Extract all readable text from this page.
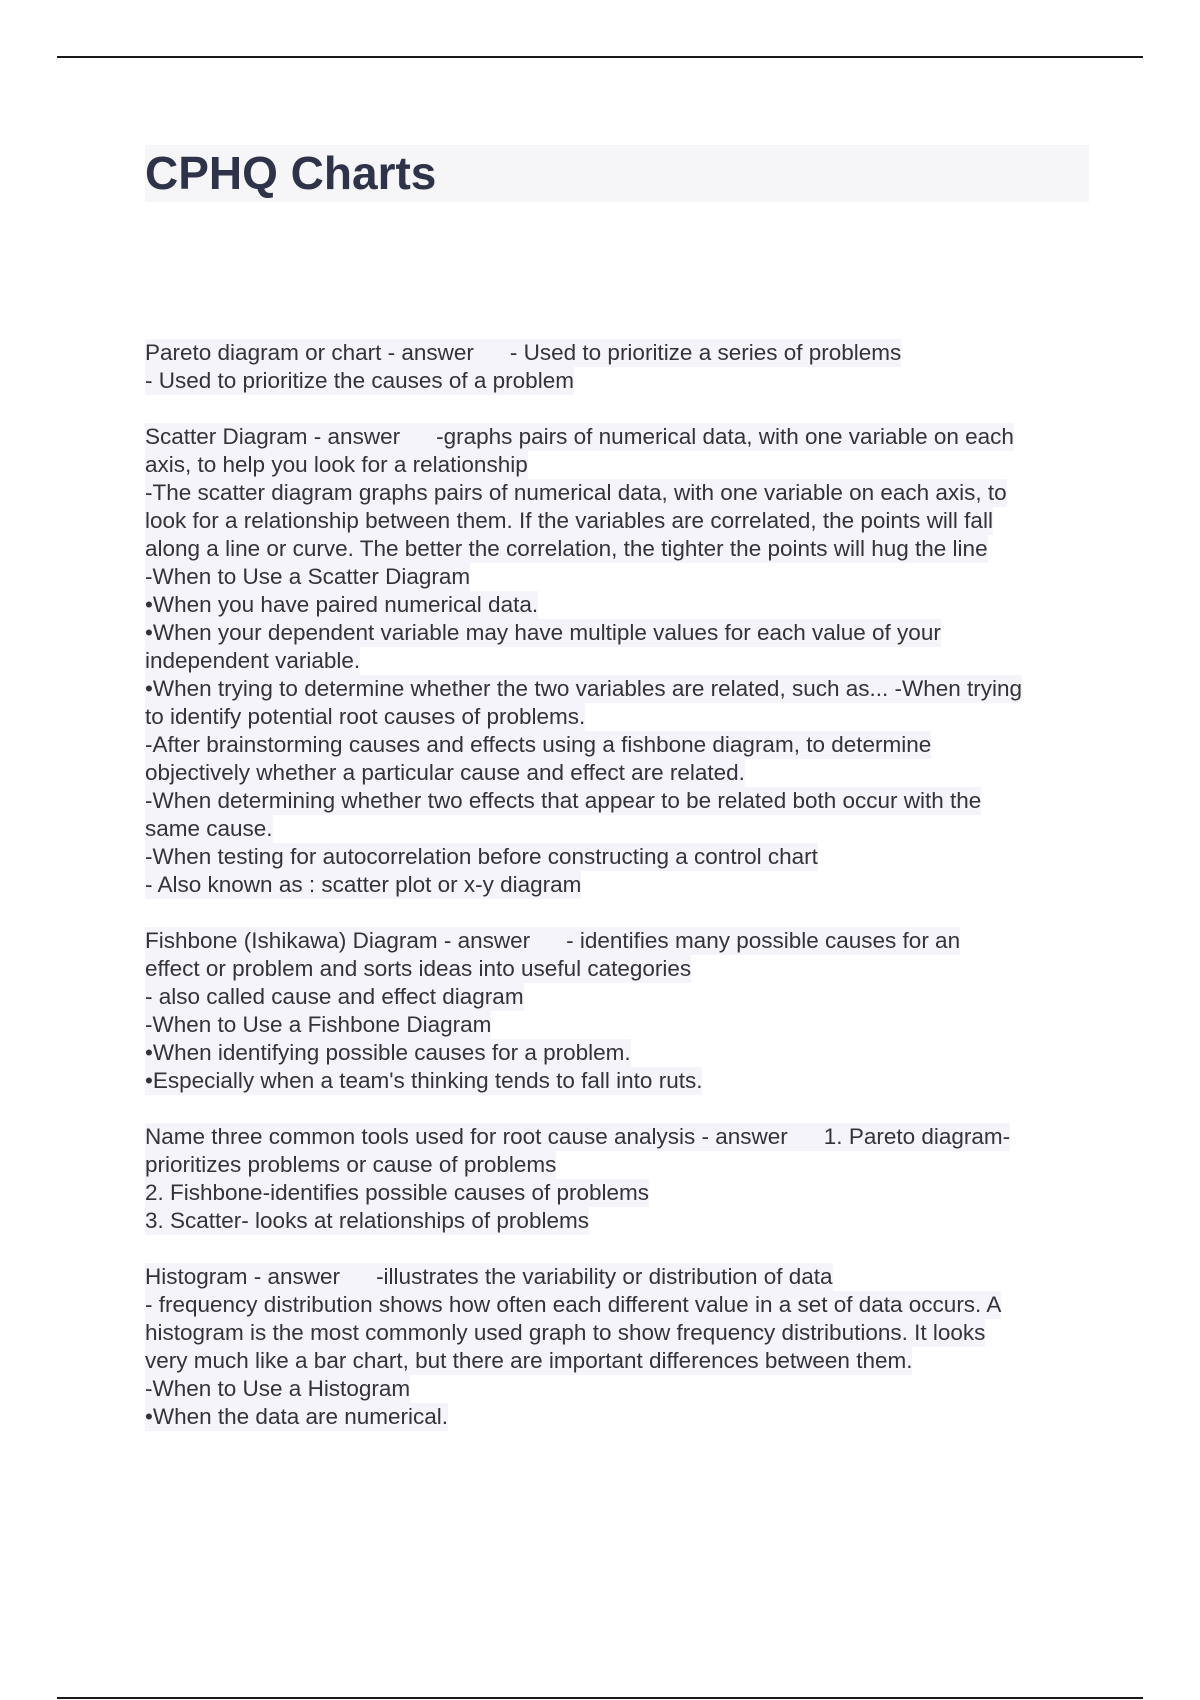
CPHQ Charts
Pareto diagram or chart - answer - Used to prioritize a series of problems
- Used to prioritize the causes of a problem
Scatter Diagram - answer -graphs pairs of numerical data, with one variable on each
axis, to help you look for a relationship
-The scatter diagram graphs pairs of numerical data, with one variable on each axis, to
look for a relationship between them. If the variables are correlated, the points will fall
along a line or curve. The better the correlation, the tighter the points will hug the line
-When to Use a Scatter Diagram
•When you have paired numerical data.
•When your dependent variable may have multiple values for each value of your
independent variable.
•When trying to determine whether the two variables are related, such as... -When trying
to identify potential root causes of problems.
-After brainstorming causes and effects using a fishbone diagram, to determine
objectively whether a particular cause and effect are related.
-When determining whether two effects that appear to be related both occur with the
same cause.
-When testing for autocorrelation before constructing a control chart
- Also known as : scatter plot or x-y diagram
Fishbone (Ishikawa) Diagram - answer - identifies many possible causes for an
effect or problem and sorts ideas into useful categories
- also called cause and effect diagram
-When to Use a Fishbone Diagram
•When identifying possible causes for a problem.
•Especially when a team's thinking tends to fall into ruts.
Name three common tools used for root cause analysis - answer 1. Pareto diagram-
prioritizes problems or cause of problems
2. Fishbone-identifies possible causes of problems
3. Scatter- looks at relationships of problems
Histogram - answer -illustrates the variability or distribution of data
- frequency distribution shows how often each different value in a set of data occurs. A
histogram is the most commonly used graph to show frequency distributions. It looks
very much like a bar chart, but there are important differences between them.
-When to Use a Histogram
•When the data are numerical.
